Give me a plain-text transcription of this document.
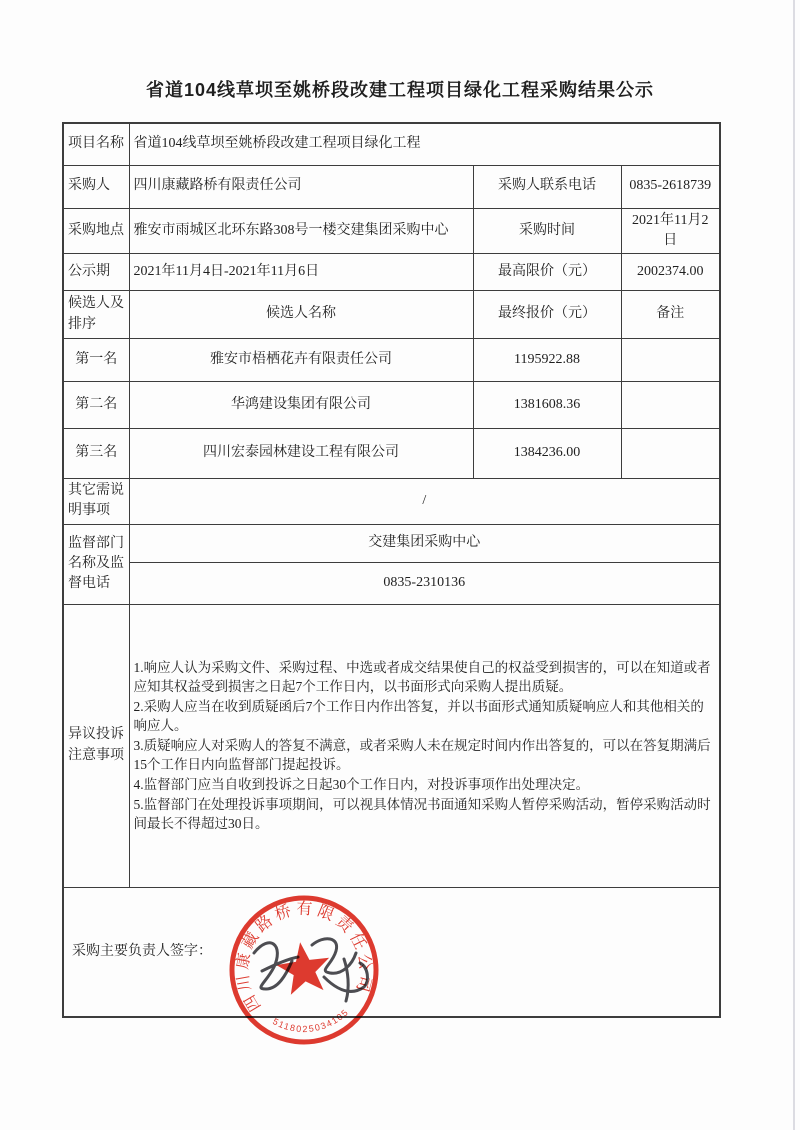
省道104线草坝至姚桥段改建工程项目绿化工程采购结果公示
项目名称	省道104线草坝至姚桥段改建工程项目绿化工程		
采购人	四川康藏路桥有限责任公司	采购人联系电话	0835-2618739
采购地点	雅安市雨城区北环东路308号一楼交建集团采购中心	采购时间	2021年11月2日
公示期	2021年11月4日-2021年11月6日	最高限价（元）	2002374.00
候选人及排序	候选人名称	最终报价（元）	备注
第一名	雅安市梧栖花卉有限责任公司	1195922.88	
第二名	华鸿建设集团有限公司	1381608.36	
第三名	四川宏泰园林建设工程有限公司	1384236.00	
其它需说明事项	/		
监督部门名称及监督电话	交建集团采购中心		
	0835-2310136		
异议投诉注意事项	1.响应人认为采购文件、采购过程、中选或者成交结果使自己的权益受到损害的，可以在知道或者应知其权益受到损害之日起7个工作日内，以书面形式向采购人提出质疑。
2.采购人应当在收到质疑函后7个工作日内作出答复，并以书面形式通知质疑响应人和其他相关的响应人。
3.质疑响应人对采购人的答复不满意，或者采购人未在规定时间内作出答复的，可以在答复期满后15个工作日内向监督部门提起投诉。
4.监督部门应当自收到投诉之日起30个工作日内，对投诉事项作出处理决定。
5.监督部门在处理投诉事项期间，可以视具体情况书面通知采购人暂停采购活动，暂停采购活动时间最长不得超过30日。		

采购主要负责人签字：			
四川康藏路桥有限责任公司
5118025034105
